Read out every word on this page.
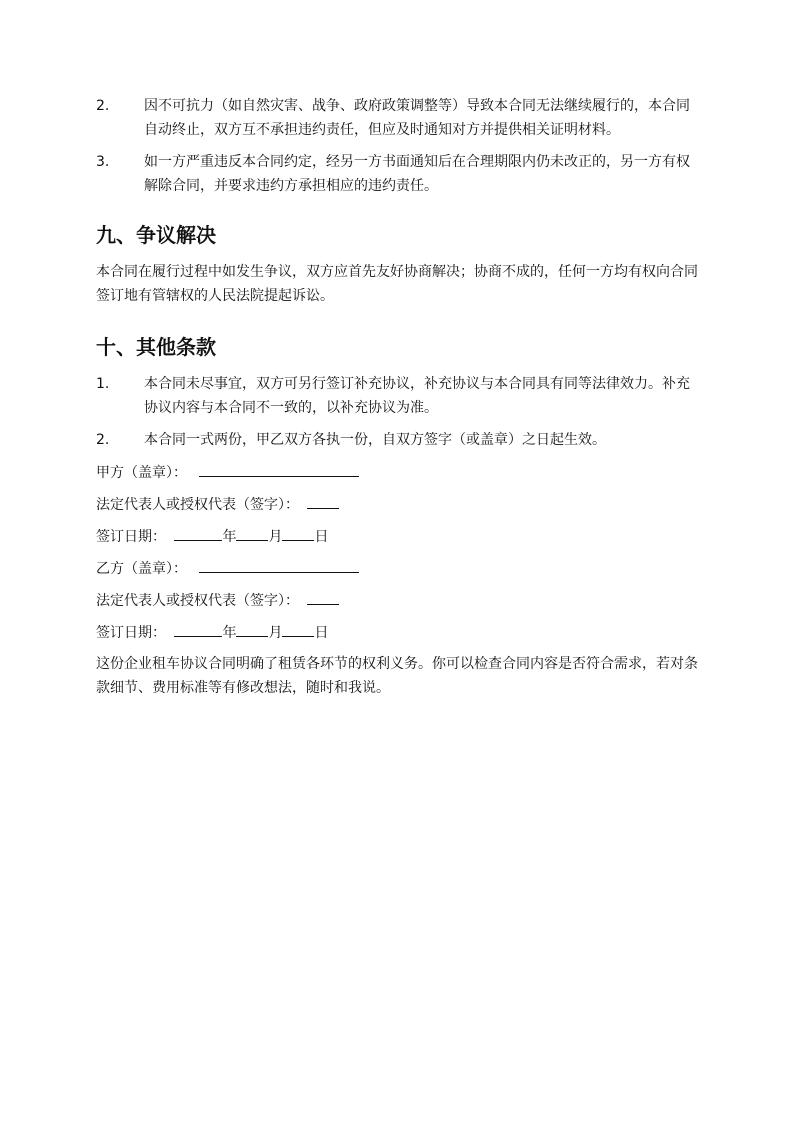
2.	因不可抗力（如自然灾害、战争、政府政策调整等）导致本合同无法继续履行的，本合同自动终止，双方互不承担违约责任，但应及时通知对方并提供相关证明材料。
3.	如一方严重违反本合同约定，经另一方书面通知后在合理期限内仍未改正的，另一方有权解除合同，并要求违约方承担相应的违约责任。
九、争议解决
本合同在履行过程中如发生争议，双方应首先友好协商解决；协商不成的，任何一方均有权向合同签订地有管辖权的人民法院提起诉讼。
十、其他条款
1.	本合同未尽事宜，双方可另行签订补充协议，补充协议与本合同具有同等法律效力。补充协议内容与本合同不一致的，以补充协议为准。
2.	本合同一式两份，甲乙双方各执一份，自双方签字（或盖章）之日起生效。
甲方（盖章）：
法定代表人或授权代表（签字）：
签订日期：	年 月 日
乙方（盖章）：
法定代表人或授权代表（签字）：
签订日期：	年 月 日
这份企业租车协议合同明确了租赁各环节的权利义务。你可以检查合同内容是否符合需求，若对条款细节、费用标准等有修改想法，随时和我说。
